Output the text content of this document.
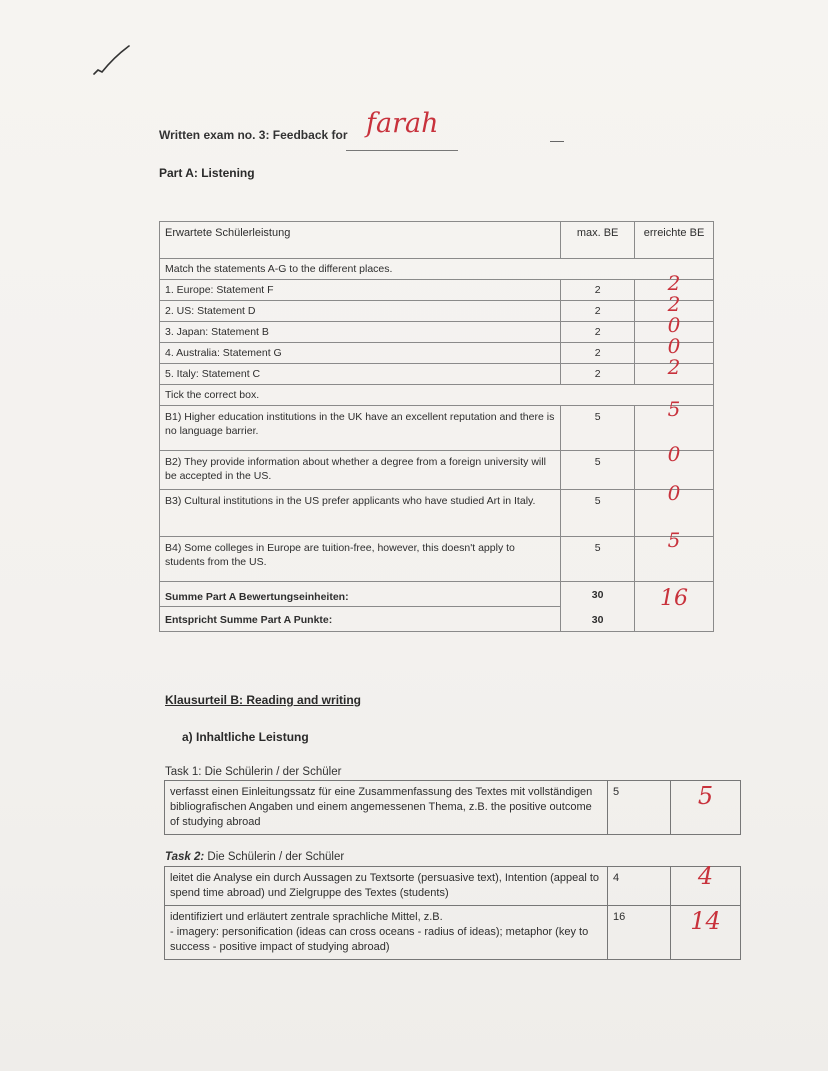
Written exam no. 3: Feedback for farah
Part A: Listening
Erwartete Schülerleistung	max. BE	erreichte BE
Match the statements A-G to the different places.		
1. Europe: Statement F	2	2

2. US: Statement D	2	2

3. Japan: Statement B	2	0

4. Australia: Statement G	2	0

5. Italy: Statement C	2	2

Tick the correct box.		
B1) Higher education institutions in the UK have an excellent reputation and there is no language barrier.	5	5

B2) They provide information about whether a degree from a foreign university will be accepted in the US.	5	0

B3) Cultural institutions in the US prefer applicants who have studied Art in Italy.	5	0

B4) Some colleges in Europe are tuition-free, however, this doesn't apply to students from the US.	5	5

Summe Part A Bewertungseinheiten:	30	16

Entspricht Summe Part A Punkte:	30	
Klausurteil B: Reading and writing
a) Inhaltliche Leistung
Task 1: Die Schülerin / der Schüler
verfasst einen Einleitungssatz für eine Zusammenfassung des Textes mit vollständigen bibliografischen Angaben und einem angemessenen Thema, z.B. the positive outcome of studying abroad	5	5
Task 2: Die Schülerin / der Schüler
leitet die Analyse ein durch Aussagen zu Textsorte (persuasive text), Intention (appeal to spend time abroad) und Zielgruppe des Textes (students)	4	4

identifiziert und erläutert zentrale sprachliche Mittel, z.B.
- imagery: personification (ideas can cross oceans - radius of ideas); metaphor (key to success - positive impact of studying abroad)	16	14
